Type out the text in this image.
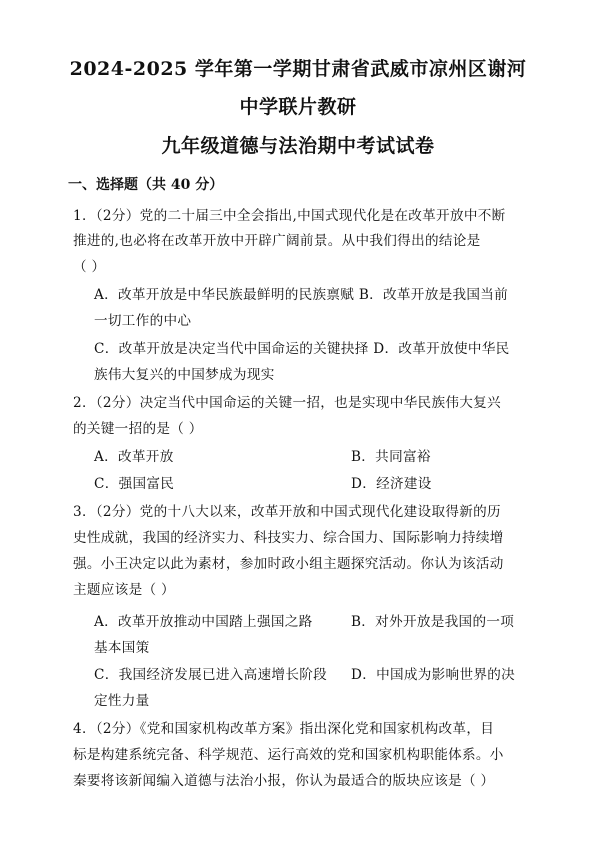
2024-2025 学年第一学期甘肃省武威市凉州区谢河
中学联片教研
九年级道德与法治期中考试试卷
一、选择题（共 40 分）
1．（2分）党的二十届三中全会指出,中国式现代化是在改革开放中不断
推进的,也必将在改革开放中开辟广阔前景。从中我们得出的结论是
（ ）
A．改革开放是中华民族最鲜明的民族禀赋 B．改革开放是我国当前
一切工作的中心
C．改革开放是决定当代中国命运的关键抉择 D．改革开放使中华民
族伟大复兴的中国梦成为现实
2．（2分）决定当代中国命运的关键一招，也是实现中华民族伟大复兴
的关键一招的是（ ）
A．改革开放	B．共同富裕
C．强国富民	D．经济建设
3．（2分）党的十八大以来，改革开放和中国式现代化建设取得新的历
史性成就，我国的经济实力、科技实力、综合国力、国际影响力持续增
强。小王决定以此为素材，参加时政小组主题探究活动。你认为该活动
主题应该是（ ）
A．改革开放推动中国踏上强国之路	B．对外开放是我国的一项
基本国策
C．我国经济发展已进入高速增长阶段 D．中国成为影响世界的决
定性力量
4．（2分）《党和国家机构改革方案》指出深化党和国家机构改革，目
标是构建系统完备、科学规范、运行高效的党和国家机构职能体系。小
秦要将该新闻编入道德与法治小报，你认为最适合的版块应该是（ ）
